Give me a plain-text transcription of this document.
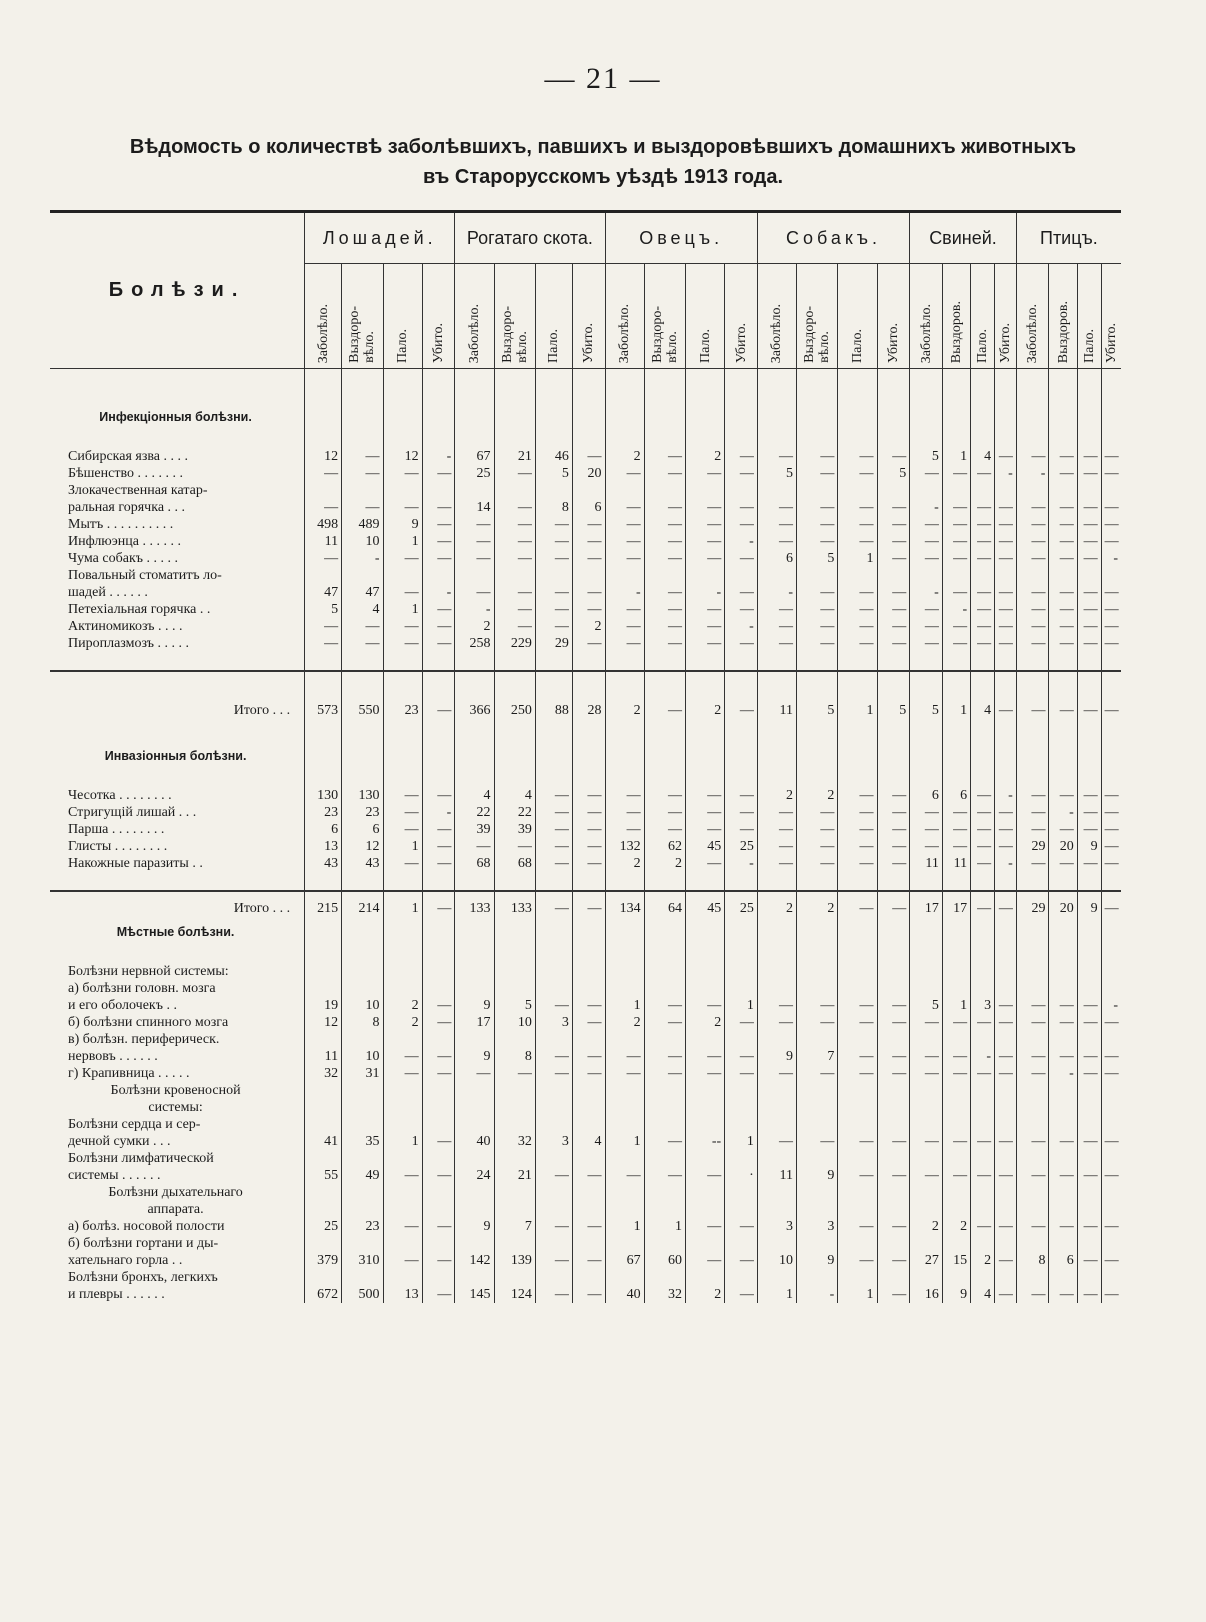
— 21 —
Вѣдомость о количествѣ заболѣвшихъ, павшихъ и выздоровѣвшихъ домашнихъ животныхъ
въ Старорусскомъ уѣздѣ 1913 года.
Болѣзи.	Лошадей.				Рогатаго скота.				Овецъ.				Собакъ.				Свиней.				Птицъ.			
	Заболѣло.	Выздоро-
вѣло.	Пало.	Убито.	Заболѣло.	Выздоро-
вѣло.	Пало.	Убито.	Заболѣло.	Выздоро-
вѣло.	Пало.	Убито.	Заболѣло.	Выздоро-
вѣло.	Пало.	Убито.	Заболѣло.	Выздоров.	Пало.	Убито.	Заболѣло.	Выздоров.	Пало.	Убито.

Инфекціонныя болѣзни.																								

Сибирская язва . . . .	12	—	12	-	67	21	46	—	2	—	2	—	—	—	—	—	5	1	4	—	—	—	—	—
Бѣшенство . . . . . . .	—	—	—	—	25	—	5	20	—	—	—	—	5	—	—	5	—	—	—	-	-	—	—	—
Злокачественная катар-																								
ральная горячка . . .	—	—	—	—	14	—	8	6	—	—	—	—	—	—	—	—	-	—	—	—	—	—	—	—
Мытъ . . . . . . . . . .	498	489	9	—	—	—	—	—	—	—	—	—	—	—	—	—	—	—	—	—	—	—	—	—
Инфлюэнца . . . . . .	11	10	1	—	—	—	—	—	—	—	—	-	—	—	—	—	—	—	—	—	—	—	—	—
Чума собакъ . . . . .	—	-	—	—	—	—	—	—	—	—	—	—	6	5	1	—	—	—	—	—	—	—	—	-
Повальный стоматитъ ло-																								
шадей . . . . . .	47	47	—	-	—	—	—	—	-	—	-	—	-	—	—	—	-	—	—	—	—	—	—	—
Петехіальная горячка . .	5	4	1	—	-	—	—	—	—	—	—	—	—	—	—	—	—	-	—	—	—	—	—	—
Актиномикозъ . . . .	—	—	—	—	2	—	—	2	—	—	—	-	—	—	—	—	—	—	—	—	—	—	—	—
Пироплазмозъ . . . . .	—	—	—	—	258	229	29	—	—	—	—	—	—	—	—	—	—	—	—	—	—	—	—	—

Итого . . .	573	550	23	—	366	250	88	28	2	—	2	—	11	5	1	5	5	1	4	—	—	—	—	—

Инвазіонныя болѣзни.																								

Чесотка . . . . . . . .	130	130	—	—	4	4	—	—	—	—	—	—	2	2	—	—	6	6	—	-	—	—	—	—
Стригущій лишай . . .	23	23	—	-	22	22	—	—	—	—	—	—	—	—	—	—	—	—	—	—	—	-	—	—
Парша . . . . . . . .	6	6	—	—	39	39	—	—	—	—	—	—	—	—	—	—	—	—	—	—	—	—	—	—
Глисты . . . . . . . .	13	12	1	—	—	—	—	—	132	62	45	25	—	—	—	—	—	—	—	—	29	20	9	—
Накожные паразиты . .	43	43	—	—	68	68	—	—	2	2	—	-	—	—	—	—	11	11	—	-	—	—	—	—

Итого . . .	215	214	1	—	133	133	—	—	134	64	45	25	2	2	—	—	17	17	—	—	29	20	9	—
Мѣстные болѣзни.																								

Болѣзни нервной системы:																								
а) болѣзни головн. мозга																								
и его оболочекъ . .	19	10	2	—	9	5	—	—	1	—	—	1	—	—	—	—	5	1	3	—	—	—	—	-
б) болѣзни спинного мозга	12	8	2	—	17	10	3	—	2	—	2	—	—	—	—	—	—	—	—	—	—	—	—	—
в) болѣзн. периферическ.																								
нервовъ . . . . . .	11	10	—	—	9	8	—	—	—	—	—	—	9	7	—	—	—	—	-	—	—	—	—	—
г) Крапивница . . . . .	32	31	—	—	—	—	—	—	—	—	—	—	—	—	—	—	—	—	—	—	—	-	—	—
Болѣзни кровеносной																								
системы:																								
Болѣзни сердца и сер-																								
дечной сумки . . .	41	35	1	—	40	32	3	4	1	—	--	1	—	—	—	—	—	—	—	—	—	—	—	—
Болѣзни лимфатической																								
системы . . . . . .	55	49	—	—	24	21	—	—	—	—	—	·	11	9	—	—	—	—	—	—	—	—	—	—
Болѣзни дыхательнаго																								
аппарата.																								
а) болѣз. носовой полости	25	23	—	—	9	7	—	—	1	1	—	—	3	3	—	—	2	2	—	—	—	—	—	—
б) болѣзни гортани и ды-																								
хательнаго горла . .	379	310	—	—	142	139	—	—	67	60	—	—	10	9	—	—	27	15	2	—	8	6	—	—
Болѣзни бронхъ, легкихъ																								
и плевры . . . . . .	672	500	13	—	145	124	—	—	40	32	2	—	1	-	1	—	16	9	4	—	—	—	—	—
